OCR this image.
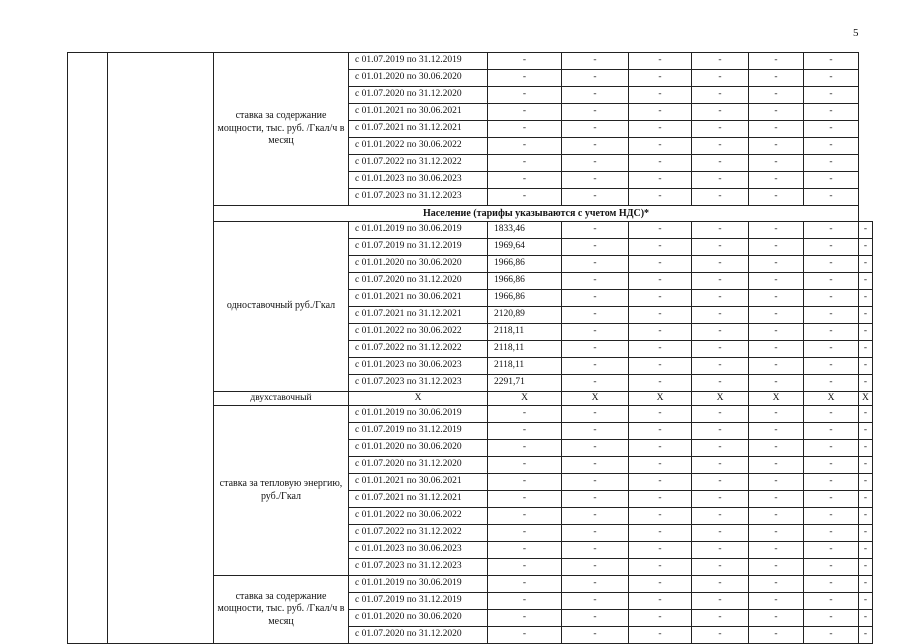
5
		ставка за содержание мощности, тыс. руб. /Гкал/ч в месяц	с 01.07.2019 по 31.12.2019	-	-	-	-	-	-	
			с 01.01.2020 по 30.06.2020	-	-	-	-	-	-	
			с 01.07.2020 по 31.12.2020	-	-	-	-	-	-	
			с 01.01.2021 по 30.06.2021	-	-	-	-	-	-	
			с 01.07.2021 по 31.12.2021	-	-	-	-	-	-	
			с 01.01.2022 по 30.06.2022	-	-	-	-	-	-	
			с 01.07.2022 по 31.12.2022	-	-	-	-	-	-	
			с 01.01.2023 по 30.06.2023	-	-	-	-	-	-	
			с 01.07.2023 по 31.12.2023	-	-	-	-	-	-	
		Население (тарифы указываются с учетом НДС)*								
		одноставочный руб./Гкал	с 01.01.2019 по 30.06.2019	1833,46	-	-	-	-	-	-
			с 01.07.2019 по 31.12.2019	1969,64	-	-	-	-	-	-
			с 01.01.2020 по 30.06.2020	1966,86	-	-	-	-	-	-
			с 01.07.2020 по 31.12.2020	1966,86	-	-	-	-	-	-
			с 01.01.2021 по 30.06.2021	1966,86	-	-	-	-	-	-
			с 01.07.2021 по 31.12.2021	2120,89	-	-	-	-	-	-
			с 01.01.2022 по 30.06.2022	2118,11	-	-	-	-	-	-
			с 01.07.2022 по 31.12.2022	2118,11	-	-	-	-	-	-
			с 01.01.2023 по 30.06.2023	2118,11	-	-	-	-	-	-
			с 01.07.2023 по 31.12.2023	2291,71	-	-	-	-	-	-
		двухставочный	X	X	X	X	X	X	X	X
		ставка за тепловую энергию, руб./Гкал	с 01.01.2019 по 30.06.2019	-	-	-	-	-	-	-
			с 01.07.2019 по 31.12.2019	-	-	-	-	-	-	-
			с 01.01.2020 по 30.06.2020	-	-	-	-	-	-	-
			с 01.07.2020 по 31.12.2020	-	-	-	-	-	-	-
			с 01.01.2021 по 30.06.2021	-	-	-	-	-	-	-
			с 01.07.2021 по 31.12.2021	-	-	-	-	-	-	-
			с 01.01.2022 по 30.06.2022	-	-	-	-	-	-	-
			с 01.07.2022 по 31.12.2022	-	-	-	-	-	-	-
			с 01.01.2023 по 30.06.2023	-	-	-	-	-	-	-
			с 01.07.2023 по 31.12.2023	-	-	-	-	-	-	-
		ставка за содержание мощности, тыс. руб. /Гкал/ч в месяц	с 01.01.2019 по 30.06.2019	-	-	-	-	-	-	-
			с 01.07.2019 по 31.12.2019	-	-	-	-	-	-	-
			с 01.01.2020 по 30.06.2020	-	-	-	-	-	-	-
			с 01.07.2020 по 31.12.2020	-	-	-	-	-	-	-
